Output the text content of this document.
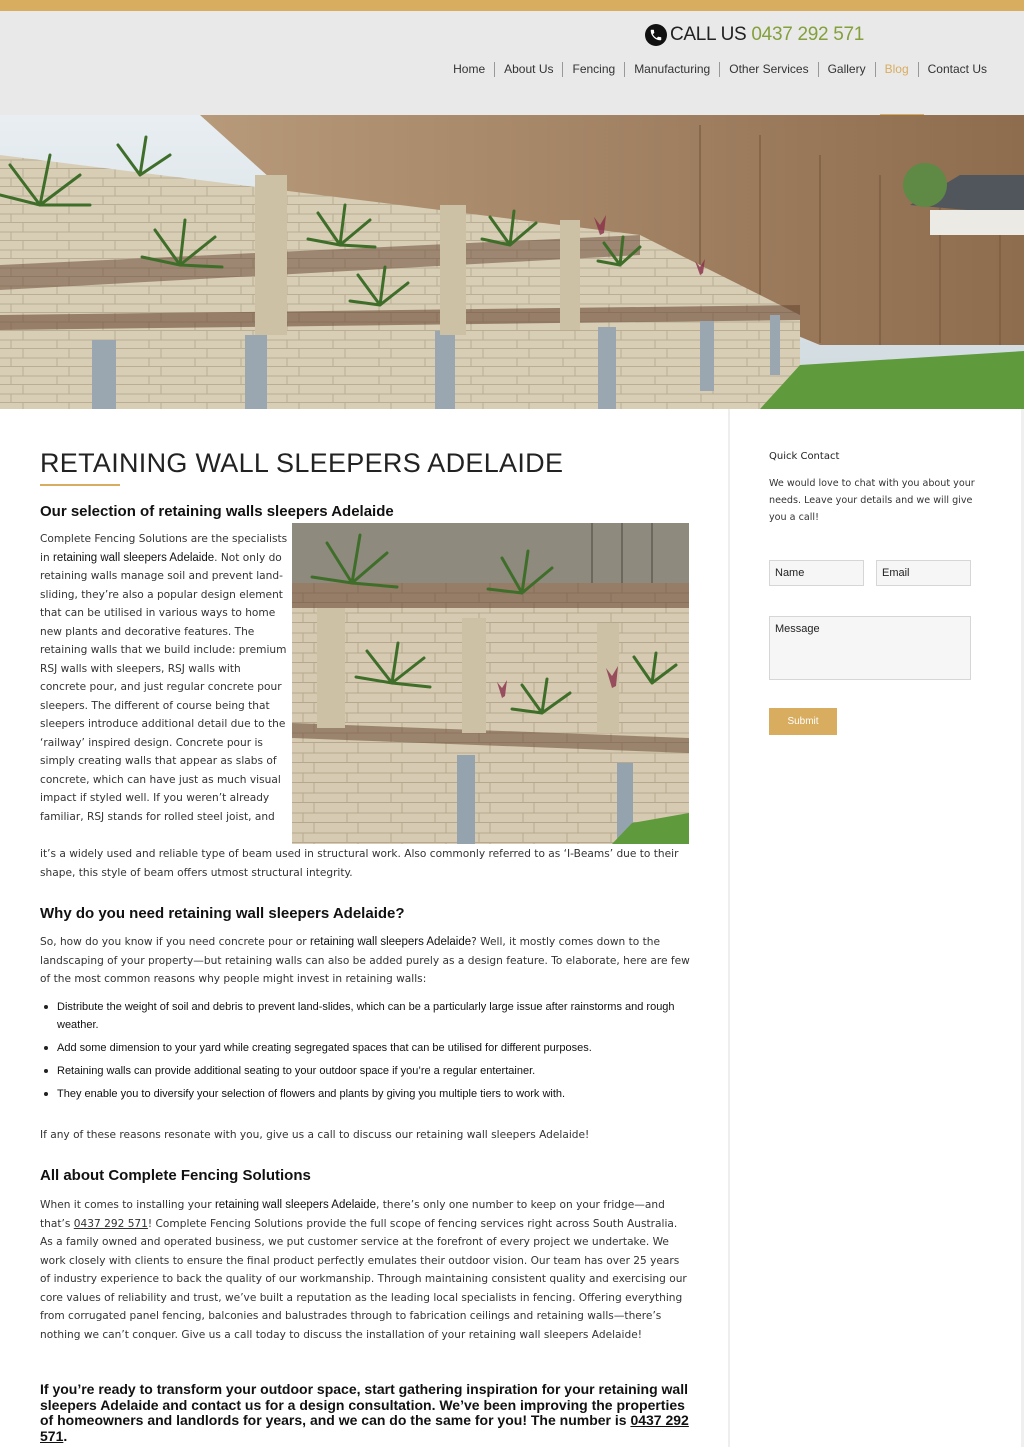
CALL US 0437 292 571
Home	About Us	Fencing	Manufacturing	Other Services	Gallery	Blog	Contact Us
RETAINING WALL SLEEPERS ADELAIDE
Our selection of retaining walls sleepers Adelaide

Complete Fencing Solutions are the specialists in retaining wall sleepers Adelaide. Not only do retaining walls manage soil and prevent land-sliding, they’re also a popular design element that can be utilised in various ways to home new plants and decorative features. The retaining walls that we build include: premium RSJ walls with sleepers, RSJ walls with concrete pour, and just regular concrete pour sleepers. The different of course being that sleepers introduce additional detail due to the ‘railway’ inspired design. Concrete pour is simply creating walls that appear as slabs of concrete, which can have just as much visual impact if styled well. If you weren’t already familiar, RSJ stands for rolled steel joist, and

it’s a widely used and reliable type of beam used in structural work. Also commonly referred to as ‘I-Beams’ due to their shape, this style of beam offers utmost structural integrity.

Why do you need retaining wall sleepers Adelaide?

So, how do you know if you need concrete pour or retaining wall sleepers Adelaide? Well, it mostly comes down to the landscaping of your property—but retaining walls can also be added purely as a design feature. To elaborate, here are few of the most common reasons why people might invest in retaining walls:

Distribute the weight of soil and debris to prevent land-slides, which can be a particularly large issue after rainstorms and rough weather.
Add some dimension to your yard while creating segregated spaces that can be utilised for different purposes.
Retaining walls can provide additional seating to your outdoor space if you’re a regular entertainer.
They enable you to diversify your selection of flowers and plants by giving you multiple tiers to work with.

If any of these reasons resonate with you, give us a call to discuss our retaining wall sleepers Adelaide!

All about Complete Fencing Solutions

When it comes to installing your retaining wall sleepers Adelaide, there’s only one number to keep on your fridge—and that’s 0437 292 571! Complete Fencing Solutions provide the full scope of fencing services right across South Australia. As a family owned and operated business, we put customer service at the forefront of every project we undertake. We work closely with clients to ensure the final product perfectly emulates their outdoor vision. Our team has over 25 years of industry experience to back the quality of our workmanship. Through maintaining consistent quality and exercising our core values of reliability and trust, we’ve built a reputation as the leading local specialists in fencing. Offering everything from corrugated panel fencing, balconies and balustrades through to fabrication ceilings and retaining walls—there’s nothing we can’t conquer. Give us a call today to discuss the installation of your retaining wall sleepers Adelaide!

If you’re ready to transform your outdoor space, start gathering inspiration for your retaining wall sleepers Adelaide and contact us for a design consultation. We’ve been improving the properties of homeowners and landlords for years, and we can do the same for you! The number is 0437 292 571.

Quick Contact
We would love to chat with you about your needs. Leave your details and we will give you a call!
Name	Email
Message
Submit
